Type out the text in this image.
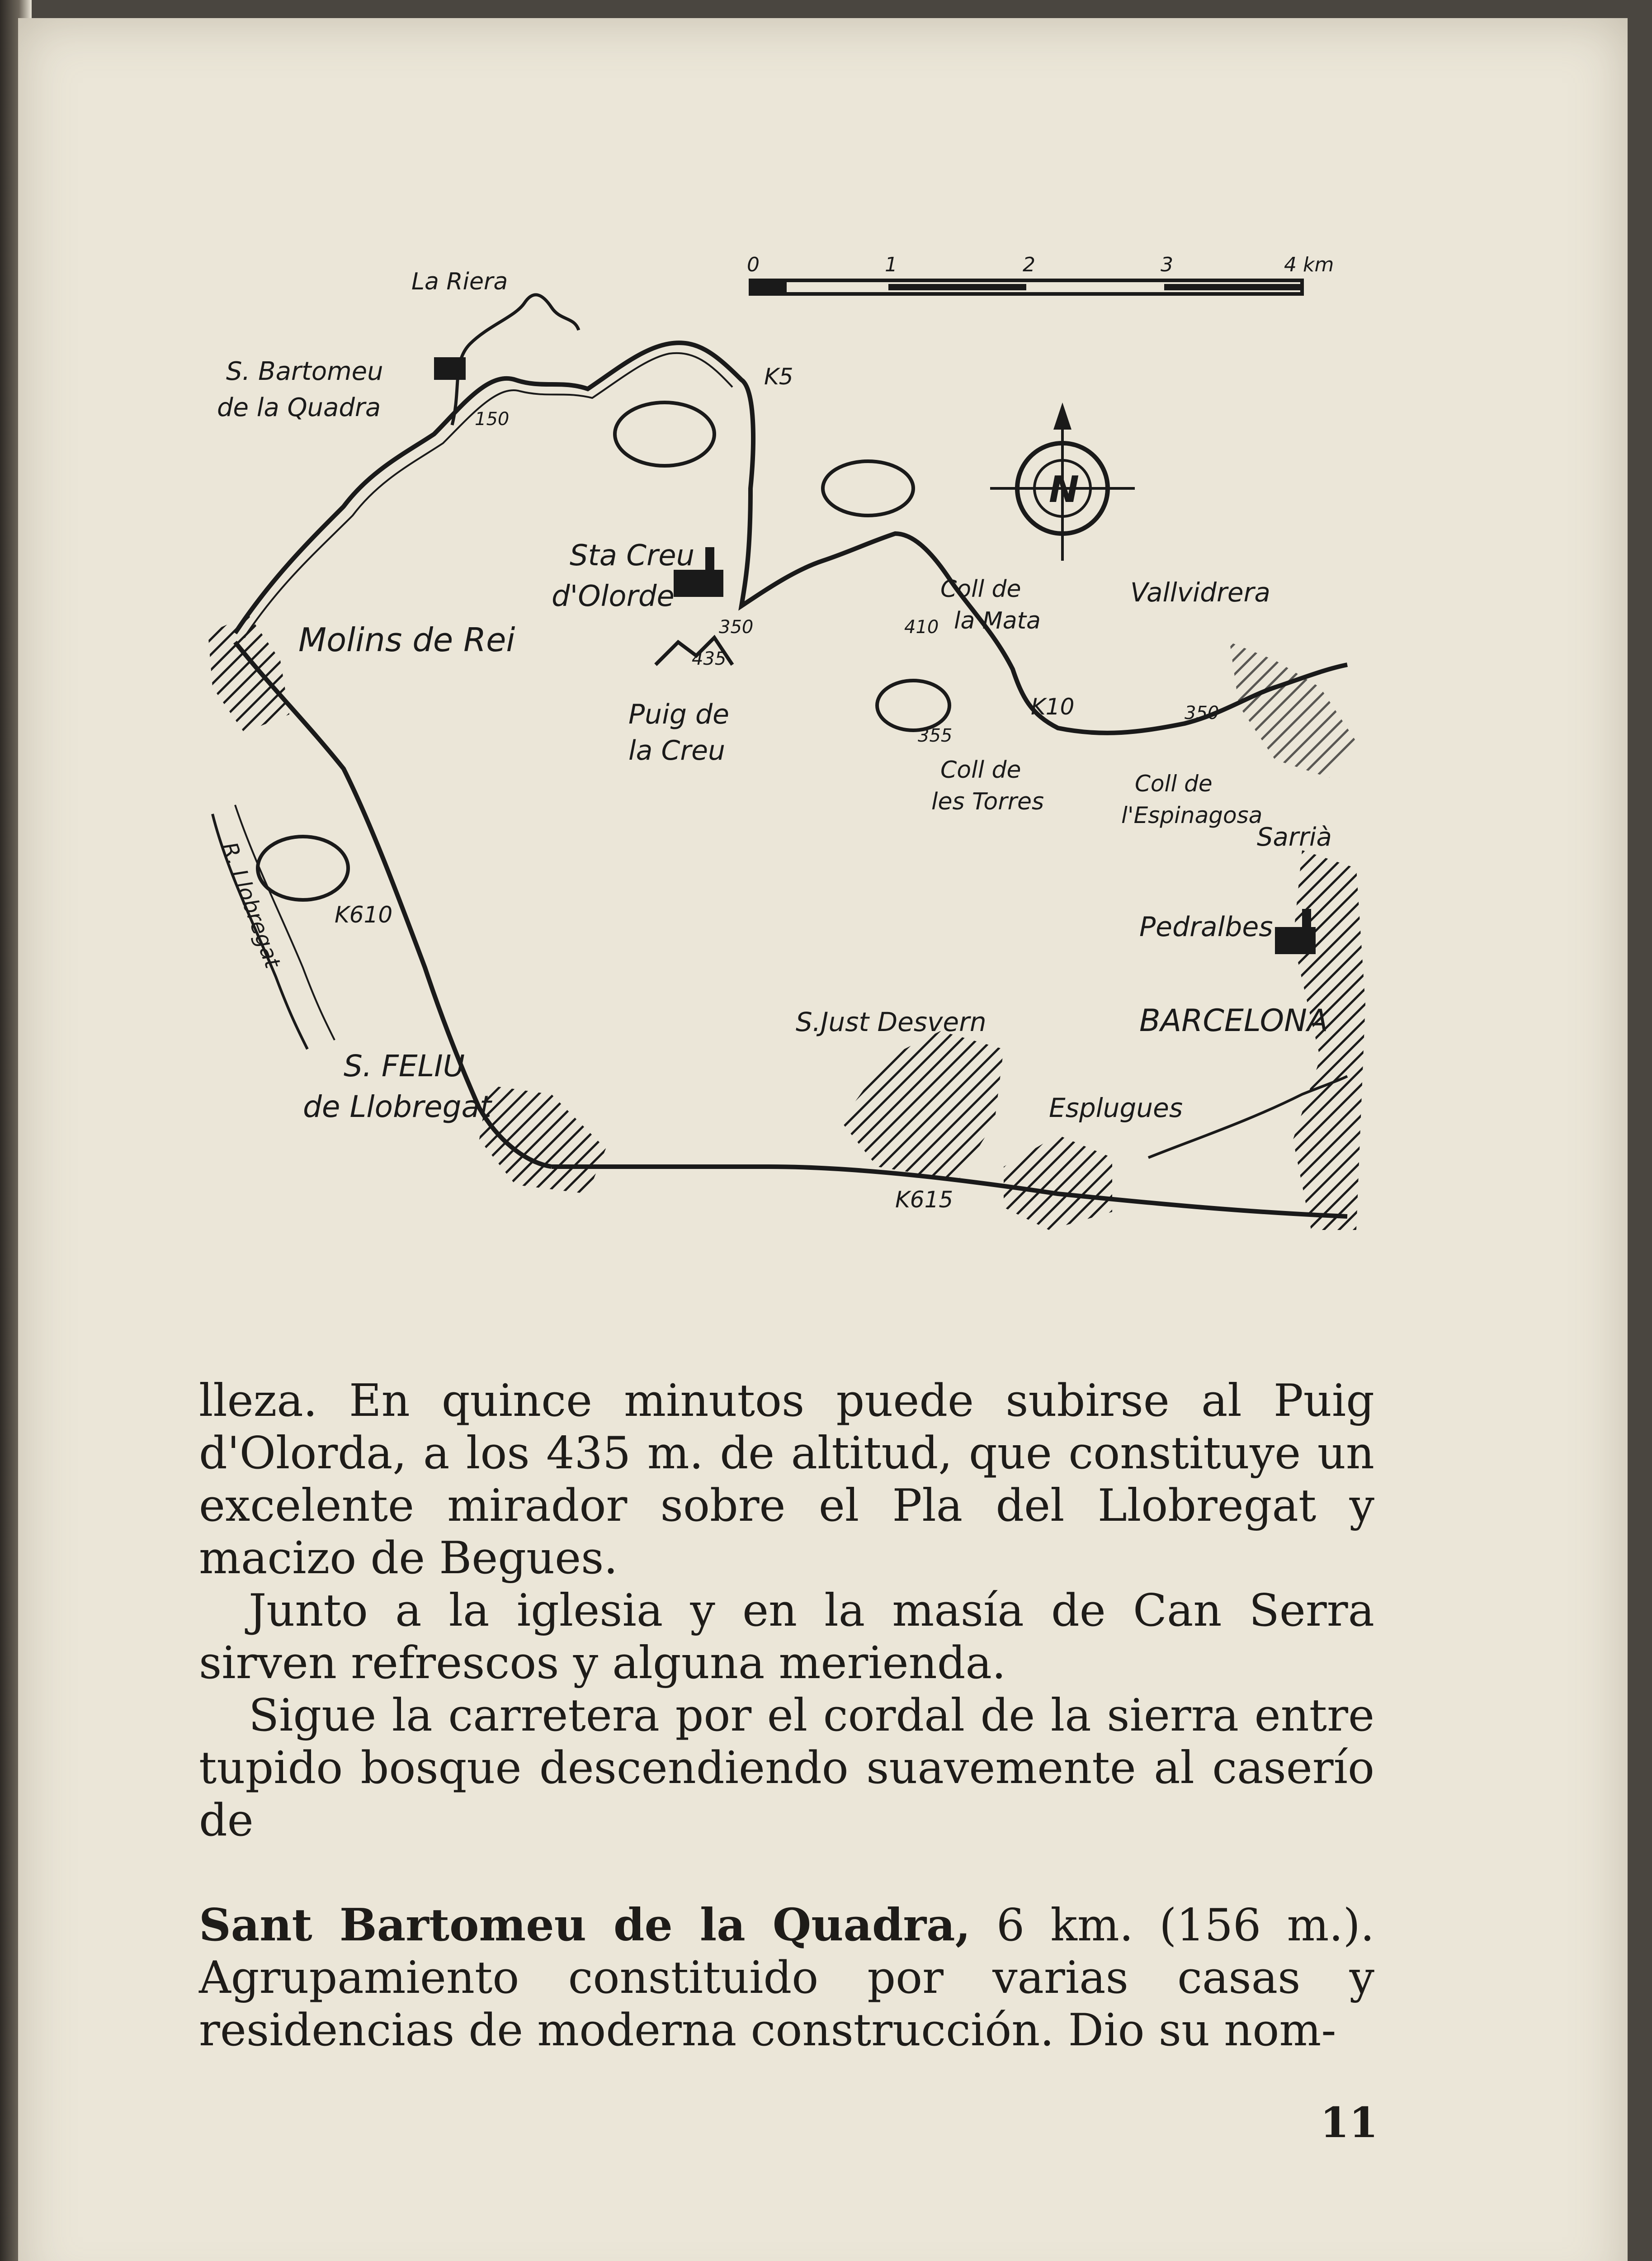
0	1	2	3	4 km
N
La Riera
S. Bartomeu
de la Quadra
Molins de Rei
Sta Creu
d'Olorde
Puig de
la Creu
Coll de
la Mata
Vallvidrera
Coll de
les Torres
Coll de
l'Espinagosa
Sarrià
Pedralbes
BARCELONA
S.Just Desvern
Esplugues
S. FELIU
de Llobregat
R. Llobregat
K5
K10
K610
K615
150
350
435
410
355
350

lleza. En quince minutos puede subirse al Puig d'Olorda, a los 435 m. de altitud, que constituye un excelente mirador sobre el Pla del Llobregat y macizo de Begues.

Junto a la iglesia y en la masía de Can Serra sirven refrescos y alguna merienda.

Sigue la carretera por el cordal de la sierra entre tupido bosque descendiendo suavemente al caserío de

Sant Bartomeu de la Quadra, 6 km. (156 m.). Agrupamiento constituido por varias casas y residencias de moderna construcción. Dio su nom-

11
